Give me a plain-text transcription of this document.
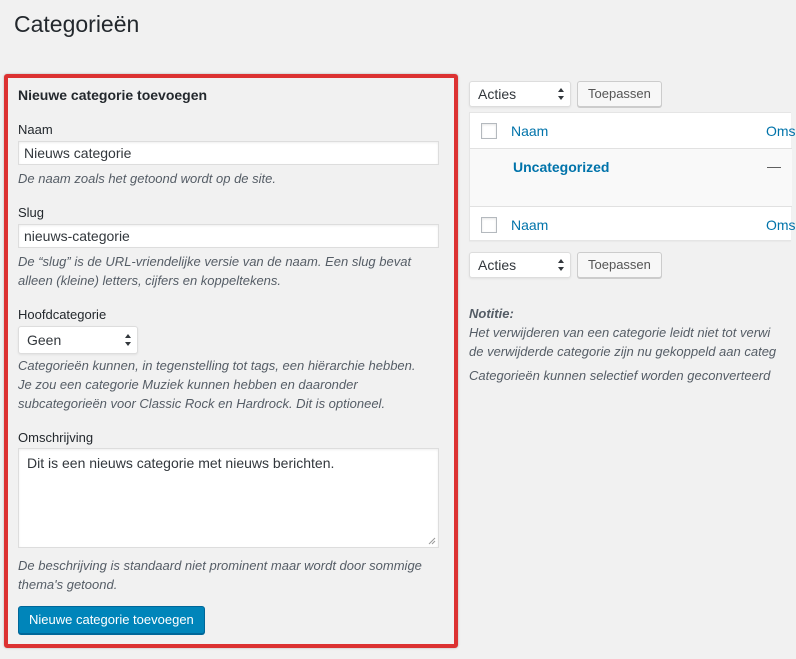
Categorieën
Nieuwe categorie toevoegen
Naam
Nieuws categorie

De naam zoals het getoond wordt op de site.

Slug
nieuws-categorie

De “slug” is de URL-vriendelijke versie van de naam. Een slug bevat

alleen (kleine) letters, cijfers en koppeltekens.

Hoofdcategorie
Geen

Categorieën kunnen, in tegenstelling tot tags, een hiërarchie hebben.

Je zou een categorie Muziek kunnen hebben en daaronder

subcategorieën voor Classic Rock en Hardrock. Dit is optioneel.

Omschrijving
Dit is een nieuws categorie met nieuws berichten.

De beschrijving is standaard niet prominent maar wordt door sommige

thema's getoond.

Nieuwe categorie toevoegen
Acties	Toepassen
Naam	Oms
Uncategorized	—
Naam	Oms
Acties	Toepassen
Notitie:
Het verwijderen van een categorie leidt niet tot verwi
de verwijderde categorie zijn nu gekoppeld aan categ
Categorieën kunnen selectief worden geconverteerd
